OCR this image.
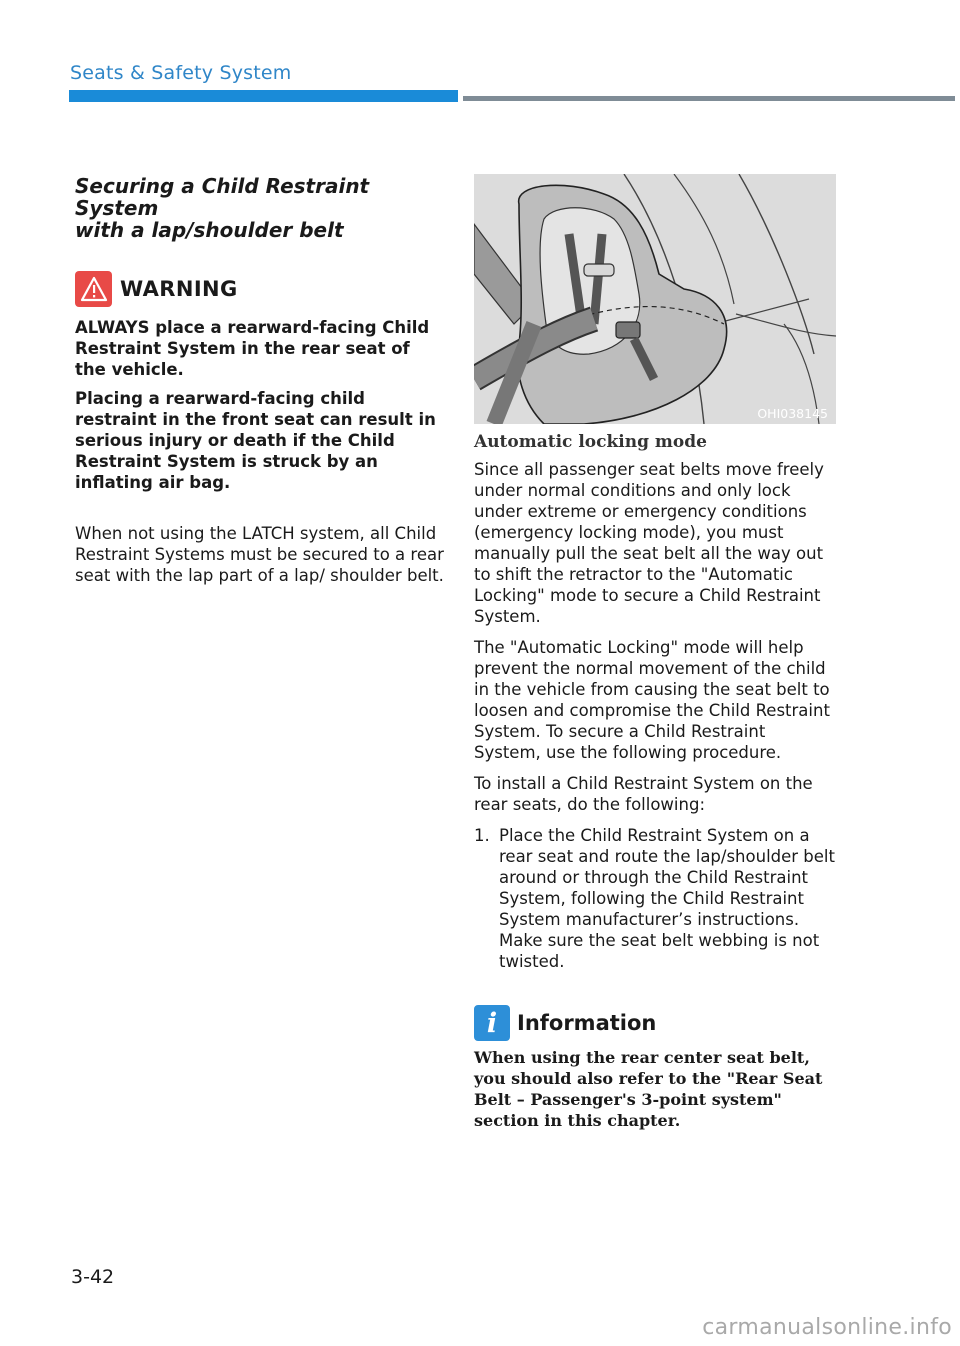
Seats & Safety System
Securing a Child Restraint System
with a lap/shoulder belt
WARNING

ALWAYS place a rearward-facing Child Restraint System in the rear seat of the vehicle.

Placing a rearward-facing child restraint in the front seat can result in serious injury or death if the Child Restraint System is struck by an inflating air bag.

When not using the LATCH system, all Child Restraint Systems must be secured to a rear seat with the lap part of a lap/ shoulder belt.

OHI038145
Automatic locking mode

Since all passenger seat belts move freely under normal conditions and only lock under extreme or emergency conditions (emergency locking mode), you must manually pull the seat belt all the way out to shift the retractor to the "Automatic Locking" mode to secure a Child Restraint System.

The "Automatic Locking" mode will help prevent the normal movement of the child in the vehicle from causing the seat belt to loosen and compromise the Child Restraint System. To secure a Child Restraint System, use the following procedure.

To install a Child Restraint System on the rear seats, do the following:

1. Place the Child Restraint System on a rear seat and route the lap/shoulder belt around or through the Child Restraint System, following the Child Restraint System manufacturer’s instructions. Make sure the seat belt webbing is not twisted.
i Information

When using the rear center seat belt, you should also refer to the "Rear Seat Belt – Passenger's 3-point system" section in this chapter.

3-42
carmanualsonline.info
